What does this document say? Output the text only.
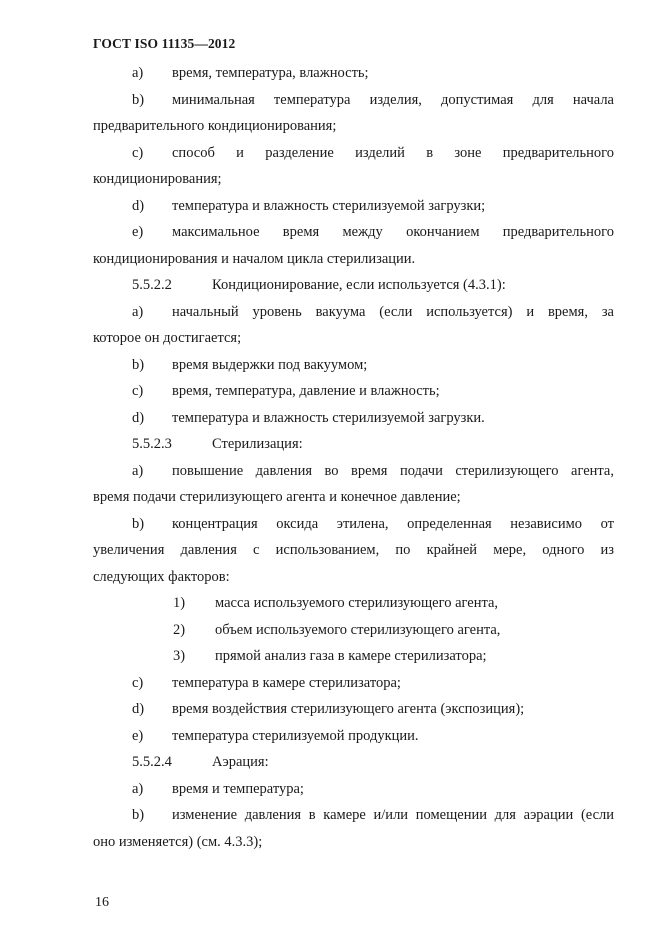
ГОСТ ISO 11135—2012
a) время, температура, влажность;
b)	минимальная температура изделия, допустимая для начала
предварительного кондиционирования;
c)	способ и разделение изделий в зоне предварительного
кондиционирования;
d) температура и влажность стерилизуемой загрузки;
e)	максимальное время между окончанием предварительного
кондиционирования и началом цикла стерилизации.
5.5.2.2	Кондиционирование, если используется (4.3.1):
a)	начальный уровень вакуума (если используется) и время, за
которое он достигается;
b) время выдержки под вакуумом;
c) время, температура, давление и влажность;
d) температура и влажность стерилизуемой загрузки.
5.5.2.3	Стерилизация:
a)	повышение давления во время подачи стерилизующего агента,
время подачи стерилизующего агента и конечное давление;
b)	концентрация оксида этилена, определенная независимо от
увеличения давления с использованием, по крайней мере, одного из
следующих факторов:
1) масса используемого стерилизующего агента,
2) объем используемого стерилизующего агента,
3) прямой анализ газа в камере стерилизатора;
c) температура в камере стерилизатора;
d) время воздействия стерилизующего агента (экспозиция);
e) температура стерилизуемой продукции.
5.5.2.4	Аэрация:
a) время и температура;
b)	изменение давления в камере и/или помещении для аэрации (если
оно изменяется) (см. 4.3.3);
16
